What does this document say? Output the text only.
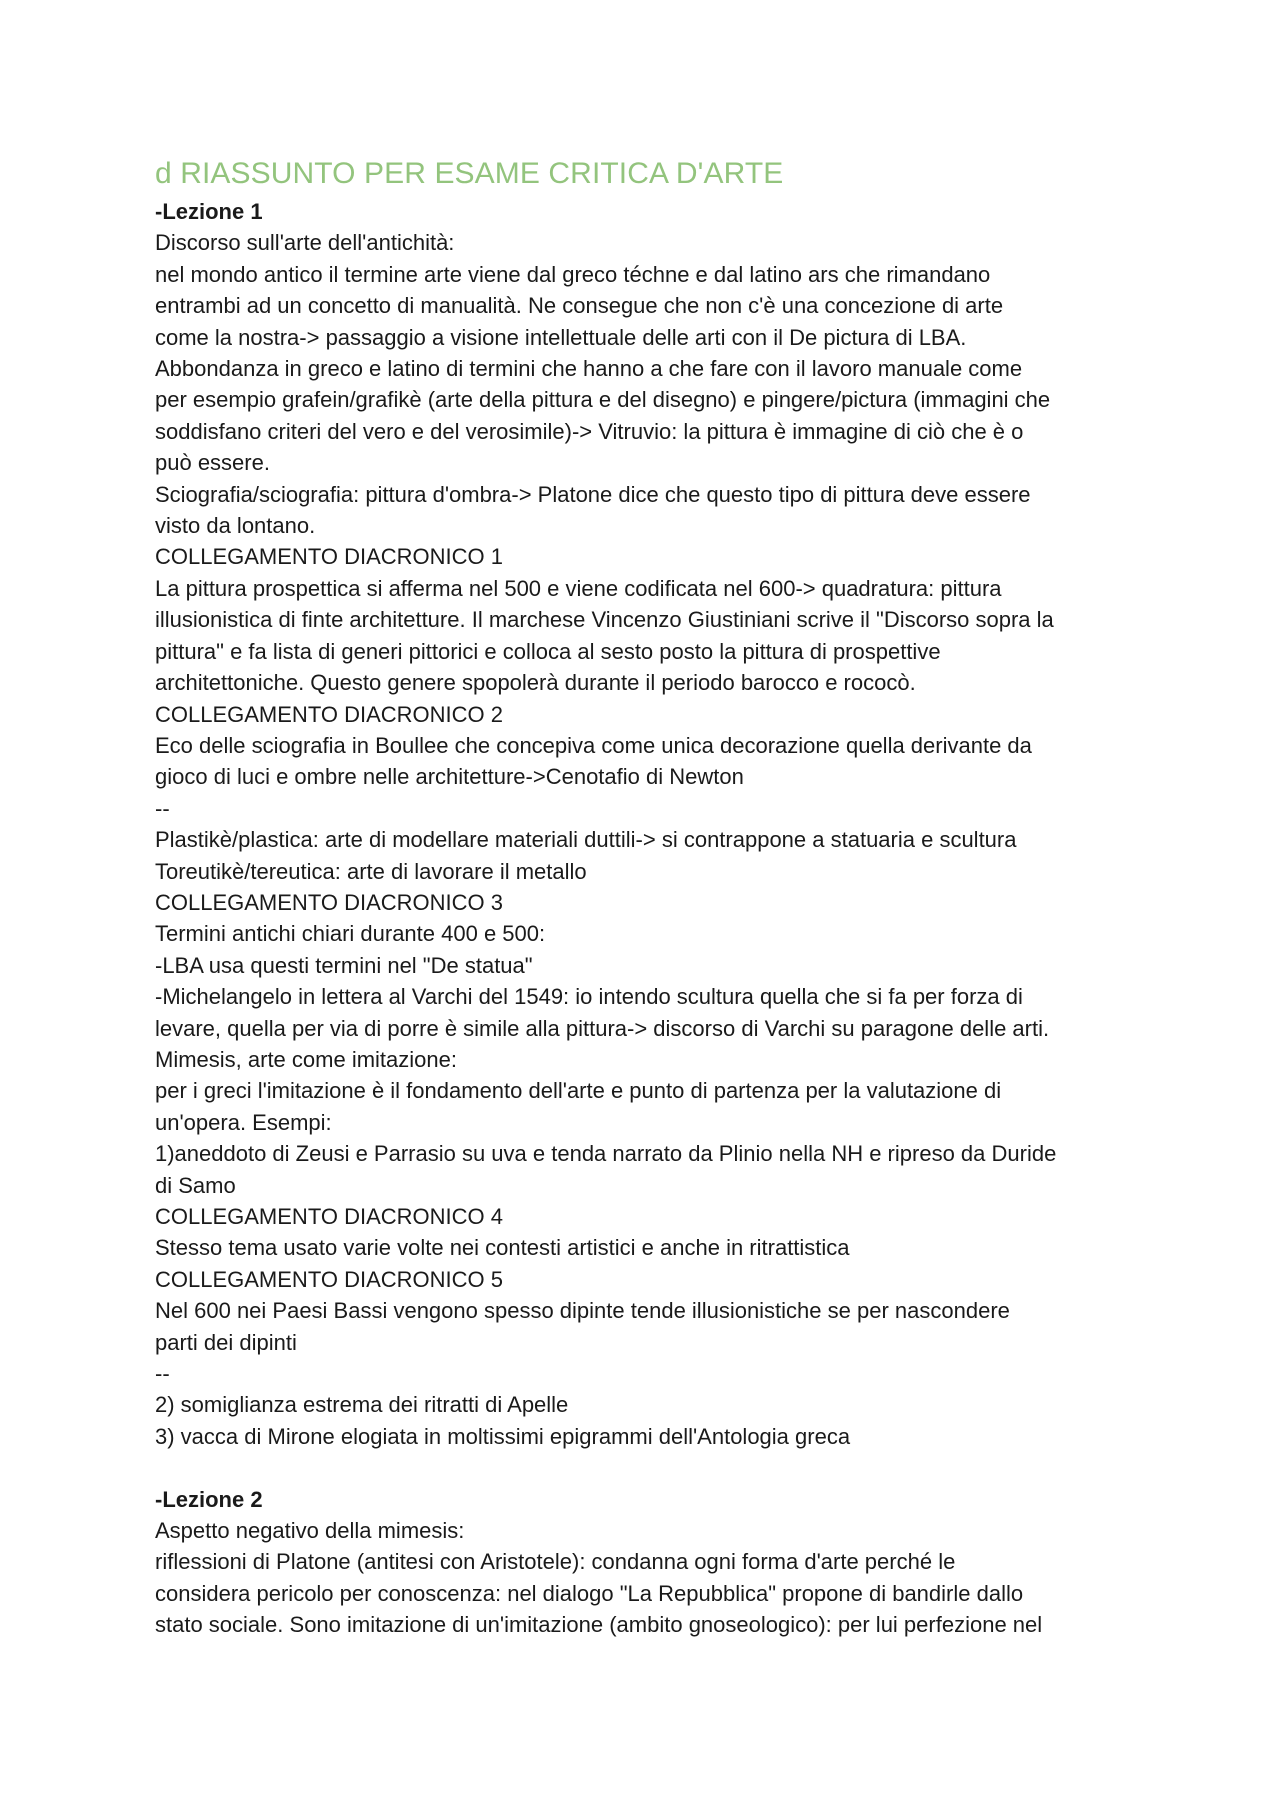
d RIASSUNTO PER ESAME CRITICA D'ARTE
-Lezione 1
Discorso sull'arte dell'antichità:
nel mondo antico il termine arte viene dal greco téchne e dal latino ars che rimandano
entrambi ad un concetto di manualità. Ne consegue che non c'è una concezione di arte
come la nostra-> passaggio a visione intellettuale delle arti con il De pictura di LBA.
Abbondanza in greco e latino di termini che hanno a che fare con il lavoro manuale come
per esempio grafein/grafikè (arte della pittura e del disegno) e pingere/pictura (immagini che
soddisfano criteri del vero e del verosimile)-> Vitruvio: la pittura è immagine di ciò che è o
può essere.
Sciografia/sciografia: pittura d'ombra-> Platone dice che questo tipo di pittura deve essere
visto da lontano.
COLLEGAMENTO DIACRONICO 1
La pittura prospettica si afferma nel 500 e viene codificata nel 600-> quadratura: pittura
illusionistica di finte architetture. Il marchese Vincenzo Giustiniani scrive il "Discorso sopra la
pittura" e fa lista di generi pittorici e colloca al sesto posto la pittura di prospettive
architettoniche. Questo genere spopolerà durante il periodo barocco e rococò.
COLLEGAMENTO DIACRONICO 2
Eco delle sciografia in Boullee che concepiva come unica decorazione quella derivante da
gioco di luci e ombre nelle architetture->Cenotafio di Newton
--
Plastikè/plastica: arte di modellare materiali duttili-> si contrappone a statuaria e scultura
Toreutikè/tereutica: arte di lavorare il metallo
COLLEGAMENTO DIACRONICO 3
Termini antichi chiari durante 400 e 500:
-LBA usa questi termini nel "De statua"
-Michelangelo in lettera al Varchi del 1549: io intendo scultura quella che si fa per forza di
levare, quella per via di porre è simile alla pittura-> discorso di Varchi su paragone delle arti.
Mimesis, arte come imitazione:
per i greci l'imitazione è il fondamento dell'arte e punto di partenza per la valutazione di
un'opera. Esempi:
1)aneddoto di Zeusi e Parrasio su uva e tenda narrato da Plinio nella NH e ripreso da Duride
di Samo
COLLEGAMENTO DIACRONICO 4
Stesso tema usato varie volte nei contesti artistici e anche in ritrattistica
COLLEGAMENTO DIACRONICO 5
Nel 600 nei Paesi Bassi vengono spesso dipinte tende illusionistiche se per nascondere
parti dei dipinti
--
2) somiglianza estrema dei ritratti di Apelle
3) vacca di Mirone elogiata in moltissimi epigrammi dell'Antologia greca
-Lezione 2
Aspetto negativo della mimesis:
riflessioni di Platone (antitesi con Aristotele): condanna ogni forma d'arte perché le
considera pericolo per conoscenza: nel dialogo "La Repubblica" propone di bandirle dallo
stato sociale. Sono imitazione di un'imitazione (ambito gnoseologico): per lui perfezione nel
